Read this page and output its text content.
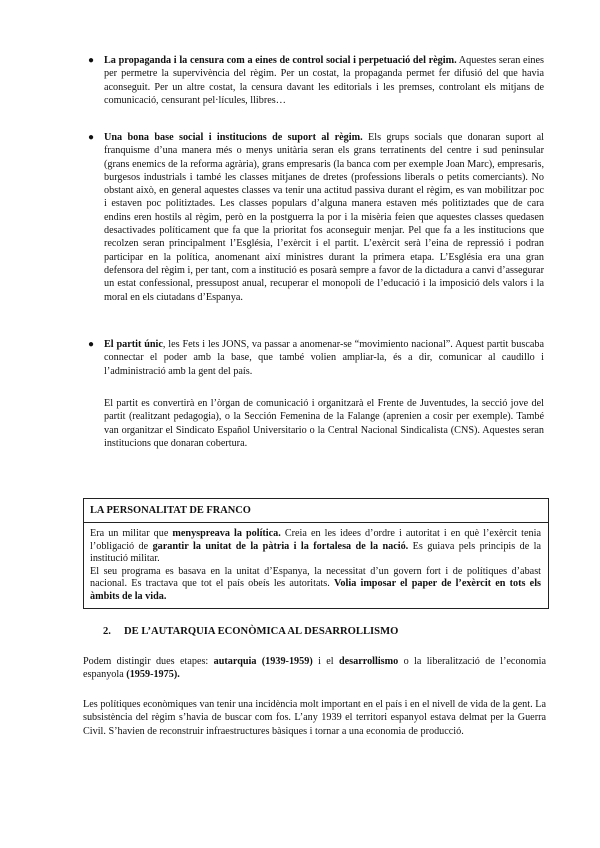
● La propaganda i la censura com a eines de control social i perpetuació del règim. Aquestes seran eines per permetre la supervivència del règim. Per un costat, la propaganda permet fer difusió del que havia aconseguit. Per un altre costat, la censura davant les editorials i les premses, controlant els mitjans de comunicació, censurant pel·lícules, llibres…

● Una bona base social i institucions de suport al règim. Els grups socials que donaran suport al franquisme d’una manera més o menys unitària seran els grans terratinents del centre i sud peninsular (grans enemics de la reforma agrària), grans empresaris (la banca com per exemple Joan Marc), empresaris, burgesos industrials i també les classes mitjanes de dretes (professions liberals o petits comerciants). No obstant això, en general aquestes classes va tenir una actitud passiva durant el règim, es van mobilitzar poc i estaven poc politiztades. Les classes populars d’alguna manera estaven més politiztades que de cara endins eren hostils al règim, però en la postguerra la por i la misèria feien que aquestes classes quedasen desactivades políticament que fa que la prioritat fos aconseguir menjar. Pel que fa a les institucions que recolzen seran principalment l’Església, l’exèrcit i el partit. L’exèrcit serà l’eina de repressió i podran participar en la política, anomenant així ministres durant la primera etapa. L’Església era una gran defensora del règim i, per tant, com a institució es posarà sempre a favor de la dictadura a canvi d’assegurar un estat confessional, pressupost anual, recuperar el monopoli de l’educació i la imposició dels valors i la moral en els ciutadans d’Espanya.

● El partit únic, les Fets i les JONS, va passar a anomenar-se “movimiento nacional”. Aquest partit buscaba connectar el poder amb la base, que també volien ampliar-la, és a dir, comunicar al caudillo i l’administració amb la gent del país.

El partit es convertirà en l’òrgan de comunicació i organitzarà el Frente de Juventudes, la secció jove del partit (realitzant pedagogia), o la Sección Femenina de la Falange (aprenien a cosir per exemple). També van organitzar el Sindicato Español Universitario o la Central Nacional Sindicalista (CNS). Aquestes seran institucions que donaran cobertura.

LA PERSONALITAT DE FRANCO

Era un militar que menyspreava la política. Creia en les idees d’ordre i autoritat i en què l’exèrcit tenia l’obligació de garantir la unitat de la pàtria i la fortalesa de la nació. Es guiava pels principis de la institució militar.

El seu programa es basava en la unitat d’Espanya, la necessitat d’un govern fort i de polítiques d’abast nacional. Es tractava que tot el país obeís les autoritats. Volia imposar el paper de l’exèrcit en tots els àmbits de la vida.

2. DE L’AUTARQUIA ECONÒMICA AL DESARROLLISMO

Podem distingir dues etapes: autarquia (1939-1959) i el desarrollismo o la liberalització de l’economia espanyola (1959-1975).

Les polítiques econòmiques van tenir una incidència molt important en el país i en el nivell de vida de la gent. La subsistència del règim s’havia de buscar com fos. L’any 1939 el territori espanyol estava delmat per la Guerra Civil. S’havien de reconstruir infraestructures bàsiques i tornar a una economia de producció.
